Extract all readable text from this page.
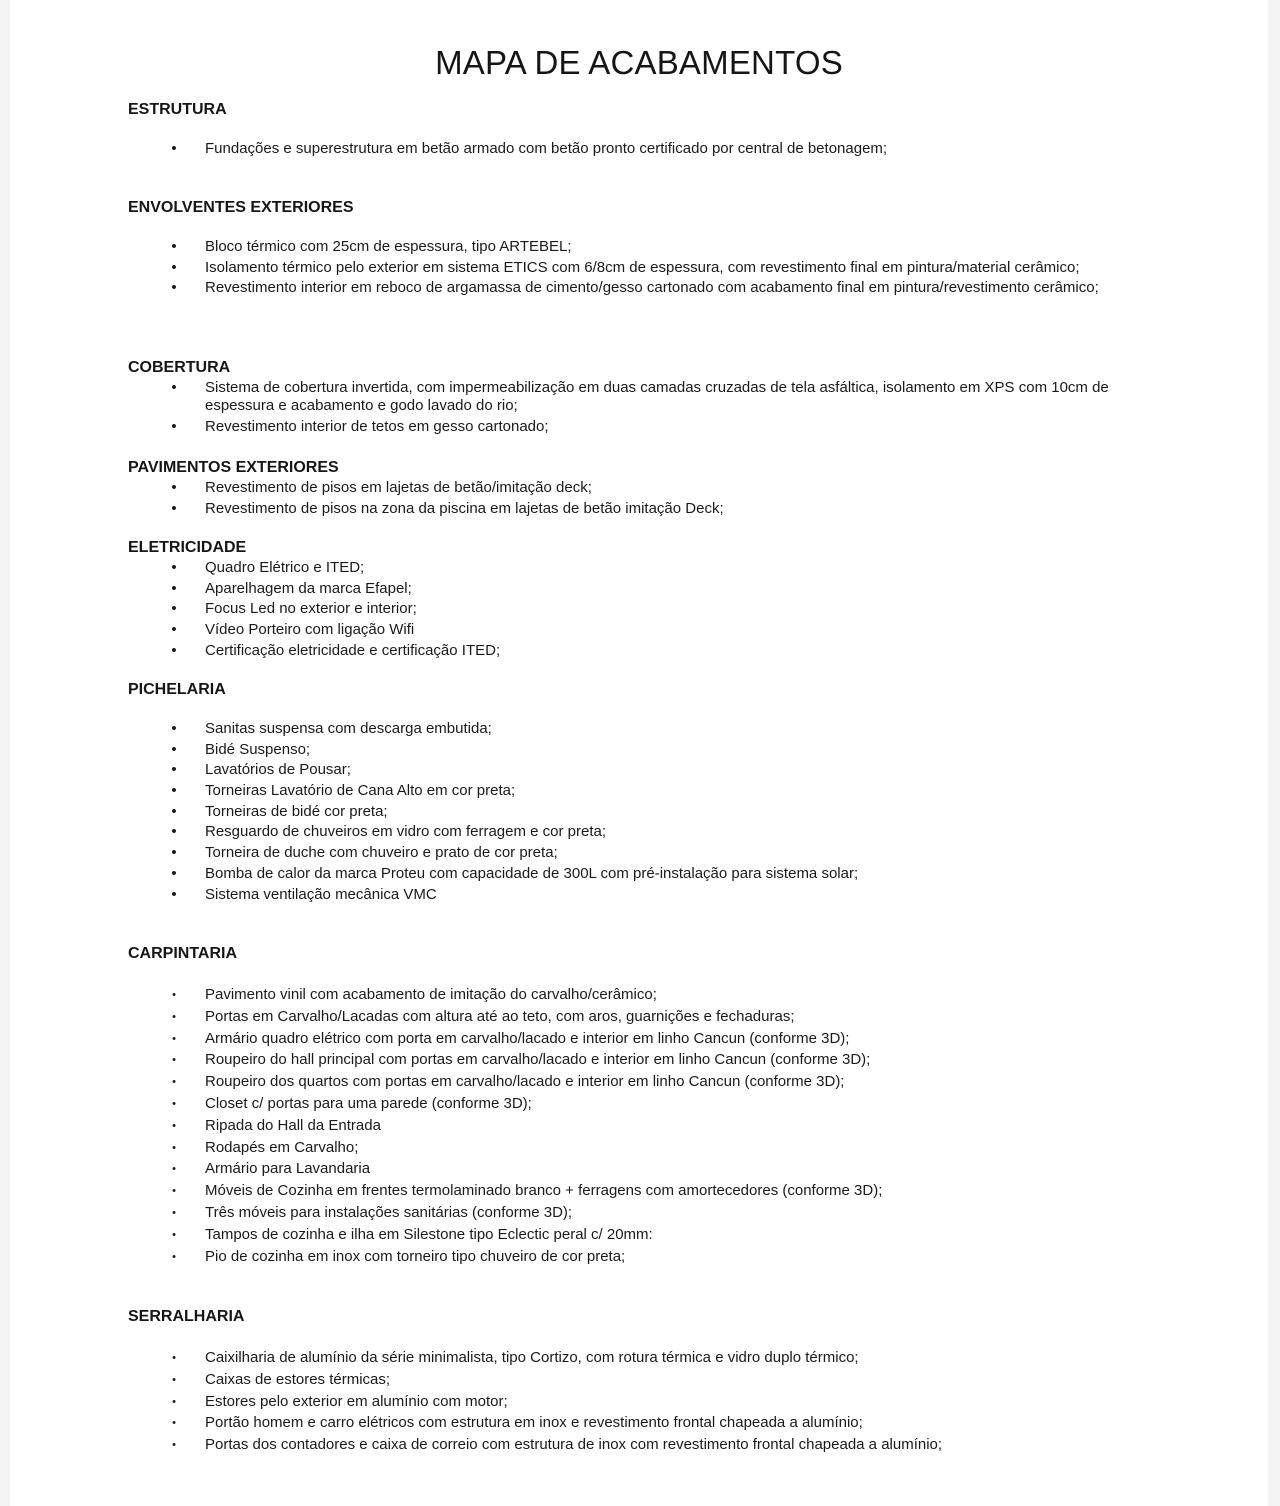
MAPA DE ACABAMENTOS
ESTRUTURA
• Fundações e superestrutura em betão armado com betão pronto certificado por central de betonagem;
ENVOLVENTES EXTERIORES
• Bloco térmico com 25cm de espessura, tipo ARTEBEL;
• Isolamento térmico pelo exterior em sistema ETICS com 6/8cm de espessura, com revestimento final em pintura/material cerâmico;
• Revestimento interior em reboco de argamassa de cimento/gesso cartonado com acabamento final em pintura/revestimento cerâmico;
COBERTURA
• Sistema de cobertura invertida, com impermeabilização em duas camadas cruzadas de tela asfáltica, isolamento em XPS com 10cm de espessura e acabamento e godo lavado do rio;
• Revestimento interior de tetos em gesso cartonado;
PAVIMENTOS EXTERIORES
• Revestimento de pisos em lajetas de betão/imitação deck;
• Revestimento de pisos na zona da piscina em lajetas de betão imitação Deck;
ELETRICIDADE
• Quadro Elétrico e ITED;
• Aparelhagem da marca Efapel;
• Focus Led no exterior e interior;
• Vídeo Porteiro com ligação Wifi
• Certificação eletricidade e certificação ITED;
PICHELARIA
• Sanitas suspensa com descarga embutida;
• Bidé Suspenso;
• Lavatórios de Pousar;
• Torneiras Lavatório de Cana Alto em cor preta;
• Torneiras de bidé cor preta;
• Resguardo de chuveiros em vidro com ferragem e cor preta;
• Torneira de duche com chuveiro e prato de cor preta;
• Bomba de calor da marca Proteu com capacidade de 300L com pré-instalação para sistema solar;
• Sistema ventilação mecânica VMC
CARPINTARIA
• Pavimento vinil com acabamento de imitação do carvalho/cerâmico;
• Portas em Carvalho/Lacadas com altura até ao teto, com aros, guarnições e fechaduras;
• Armário quadro elétrico com porta em carvalho/lacado e interior em linho Cancun (conforme 3D);
• Roupeiro do hall principal com portas em carvalho/lacado e interior em linho Cancun (conforme 3D);
• Roupeiro dos quartos com portas em carvalho/lacado e interior em linho Cancun (conforme 3D);
• Closet c/ portas para uma parede (conforme 3D);
• Ripada do Hall da Entrada
• Rodapés em Carvalho;
• Armário para Lavandaria
• Móveis de Cozinha em frentes termolaminado branco + ferragens com amortecedores (conforme 3D);
• Três móveis para instalações sanitárias (conforme 3D);
• Tampos de cozinha e ilha em Silestone tipo Eclectic peral c/ 20mm:
• Pio de cozinha em inox com torneiro tipo chuveiro de cor preta;
SERRALHARIA
• Caixilharia de alumínio da série minimalista, tipo Cortizo, com rotura térmica e vidro duplo térmico;
• Caixas de estores térmicas;
• Estores pelo exterior em alumínio com motor;
• Portão homem e carro elétricos com estrutura em inox e revestimento frontal chapeada a alumínio;
• Portas dos contadores e caixa de correio com estrutura de inox com revestimento frontal chapeada a alumínio;
